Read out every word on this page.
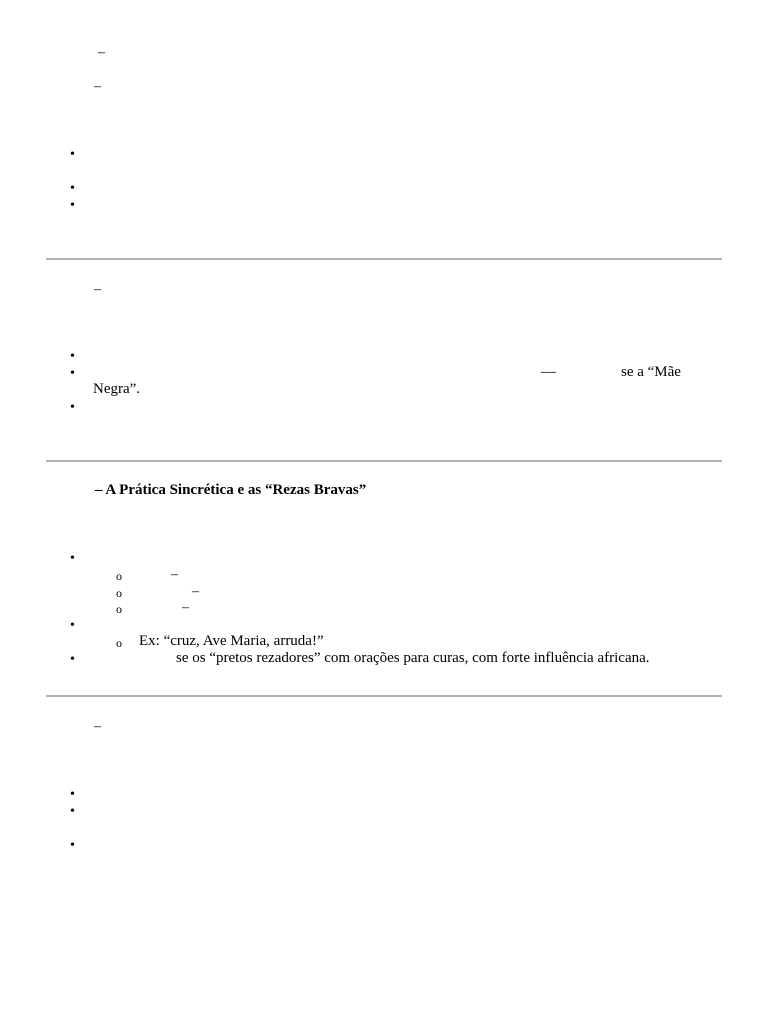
–
–
•
•
•
–
•
•	—	se a “Mãe
Negra”.
•
– A Prática Sincrética e as “Rezas Bravas”
•
o	–
o	–
o	–
•
o Ex: “cruz, Ave Maria, arruda!”
•	se os “pretos rezadores” com orações para curas, com forte influência africana.
–
•
•
•
